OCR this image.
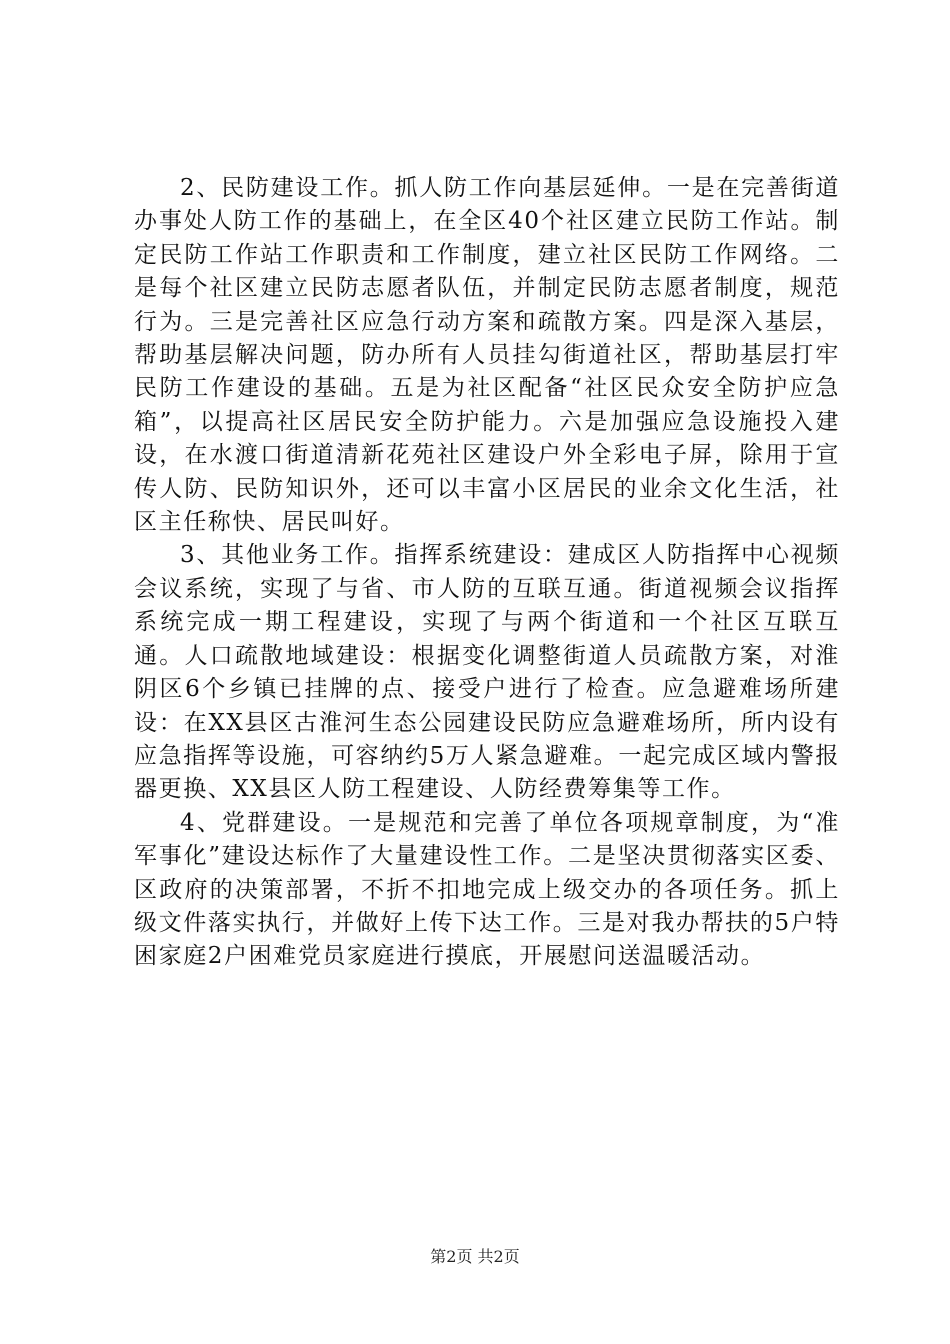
2、民防建设工作。抓人防工作向基层延伸。一是在完善街道办事处人防工作的基础上，在全区40个社区建立民防工作站。制定民防工作站工作职责和工作制度，建立社区民防工作网络。二是每个社区建立民防志愿者队伍，并制定民防志愿者制度，规范行为。三是完善社区应急行动方案和疏散方案。四是深入基层，帮助基层解决问题，防办所有人员挂勾街道社区，帮助基层打牢民防工作建设的基础。五是为社区配备“社区民众安全防护应急箱”，以提高社区居民安全防护能力。六是加强应急设施投入建设，在水渡口街道清新花苑社区建设户外全彩电子屏，除用于宣传人防、民防知识外，还可以丰富小区居民的业余文化生活，社区主任称快、居民叫好。

3、其他业务工作。指挥系统建设：建成区人防指挥中心视频会议系统，实现了与省、市人防的互联互通。街道视频会议指挥系统完成一期工程建设，实现了与两个街道和一个社区互联互通。人口疏散地域建设：根据变化调整街道人员疏散方案，对淮阴区6个乡镇已挂牌的点、接受户进行了检查。应急避难场所建设：在XX县区古淮河生态公园建设民防应急避难场所，所内设有应急指挥等设施，可容纳约5万人紧急避难。一起完成区域内警报器更换、XX县区人防工程建设、人防经费筹集等工作。

4、党群建设。一是规范和完善了单位各项规章制度，为“准军事化”建设达标作了大量建设性工作。二是坚决贯彻落实区委、区政府的决策部署，不折不扣地完成上级交办的各项任务。抓上级文件落实执行，并做好上传下达工作。三是对我办帮扶的5户特困家庭2户困难党员家庭进行摸底，开展慰问送温暖活动。

第2页 共2页
